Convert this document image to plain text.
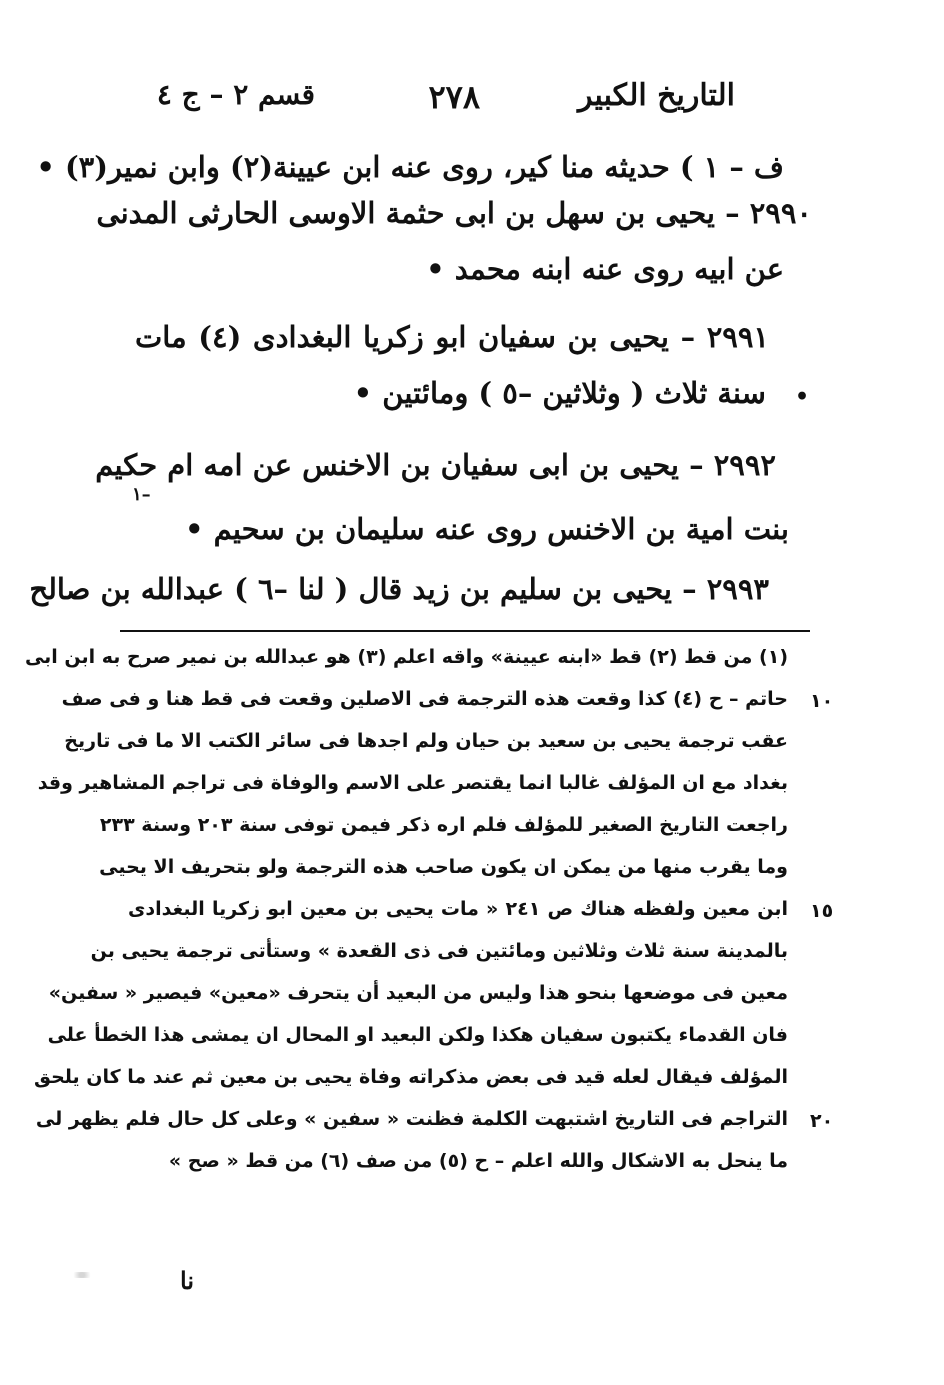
التاريخ الكبير
٢٧٨
قسم ٢ – ج ٤
ف – ١ ) حديثه منا كير، روى عنه ابن عيينة(٢) وابن نمير(٣) •
٢٩٩٠ – يحيى بن سهل بن ابى حثمة الاوسى الحارثى المدنى
عن ابيه روى عنه ابنه محمد •
٢٩٩١ – يحيى بن سفيان ابو زكريا البغدادى (٤) مات
سنة ثلاث ( وثلاثين –٥ ) ومائتين • •
٢٩٩٢ – يحيى بن ابى سفيان بن الاخنس عن امه ام حكيم
١–
بنت امية بن الاخنس روى عنه سليمان بن سحيم •
٢٩٩٣ – يحيى بن سليم بن زيد قال ( لنا –٦ ) عبدالله بن صالح
(١) من قط (٢) قط «ابنه عيينة» واقه اعلم (٣) هو عبدالله بن نمير صرح به ابن ابى
حاتم – ح (٤) كذا وقعت هذه الترجمة فى الاصلين وقعت فى قط هنا و فى صف
عقب ترجمة يحيى بن سعيد بن حيان ولم اجدها فى سائر الكتب الا ما فى تاريخ
بغداد مع ان المؤلف غالبا انما يقتصر على الاسم والوفاة فى تراجم المشاهير وقد
راجعت التاريخ الصغير للمؤلف فلم اره ذكر فيمن توفى سنة ٢٠٣ وسنة ٢٣٣
وما يقرب منها من يمكن ان يكون صاحب هذه الترجمة ولو بتحريف الا يحيى
ابن معين ولفظه هناك ص ٢٤١ « مات يحيى بن معين ابو زكريا البغدادى
بالمدينة سنة ثلاث وثلاثين ومائتين فى ذى القعدة » وستأتى ترجمة يحيى بن
معين فى موضعها بنحو هذا وليس من البعيد أن يتحرف «معين» فيصير « سفين»
فان القدماء يكتبون سفيان هكذا ولكن البعيد او المحال ان يمشى هذا الخطأ على
المؤلف فيقال لعله قيد فى بعض مذكراته وفاة يحيى بن معين ثم عند ما كان يلحق
التراجم فى التاريخ اشتبهت الكلمة فظنت « سفين » وعلى كل حال فلم يظهر لى
ما ينحل به الاشكال والله اعلم – ح (٥) من صف (٦) من قط « صح »
١٠
١٥
٢٠
نا
